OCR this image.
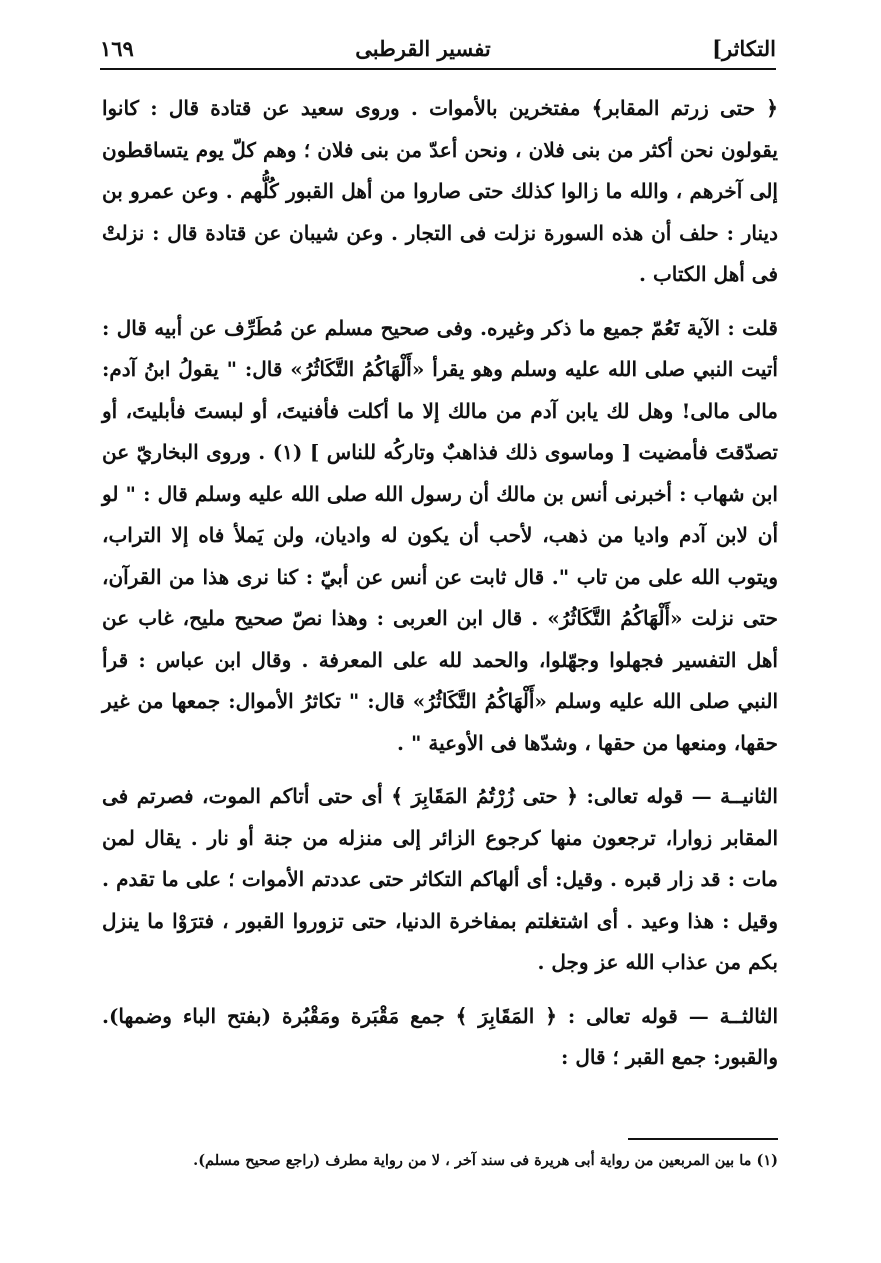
التكاثر]
تفسير القرطبى
١٦٩

﴿ حتى زرتم المقابر﴾ مفتخرين بالأموات . وروى سعيد عن قتادة قال : كانوا يقولون نحن أكثر من بنى فلان ، ونحن أعدّ من بنى فلان ؛ وهم كلّ يوم يتساقطون إلى آخرهم ، والله ما زالوا كذلك حتى صاروا من أهل القبور كُلُّهم . وعن عمرو بن دينار : حلف أن هذه السورة نزلت فى التجار . وعن شيبان عن قتادة قال : نزلتْ فى أهل الكتاب .

قلت : الآية تَعُمّ جميع ما ذكر وغيره. وفى صحيح مسلم عن مُطَرِّف عن أبيه قال : أتيت النبي صلى الله عليه وسلم وهو يقرأ «أَلْهَاكُمُ التَّكَاثُرُ» قال: " يقولُ ابنُ آدم: مالى مالى! وهل لك يابن آدم من مالك إلا ما أكلت فأفنيتَ، أو لبستَ فأبليتَ، أو تصدّقتَ فأمضيت [ وماسوى ذلك فذاهبٌ وتاركُه للناس ] (١) . وروى البخاريّ عن ابن شهاب : أخبرنى أنس بن مالك أن رسول الله صلى الله عليه وسلم قال : " لو أن لابن آدم واديا من ذهب، لأحب أن يكون له واديان، ولن يَملأ فاه إلا التراب، ويتوب الله على من تاب ". قال ثابت عن أنس عن أبيّ : كنا نرى هذا من القرآن، حتى نزلت «أَلْهَاكُمُ التَّكَاثُرُ» . قال ابن العربى : وهذا نصّ صحيح مليح، غاب عن أهل التفسير فجهلوا وجهّلوا، والحمد لله على المعرفة . وقال ابن عباس : قرأ النبي صلى الله عليه وسلم «أَلْهَاكُمُ التَّكَاثُرُ» قال: " تكاثرُ الأموال: جمعها من غير حقها، ومنعها من حقها ، وشدّها فى الأوعية " .

الثانيــة — قوله تعالى: ﴿ حتى زُرْتُمُ المَقَابِرَ ﴾ أى حتى أتاكم الموت، فصرتم فى المقابر زوارا، ترجعون منها كرجوع الزائر إلى منزله من جنة أو نار . يقال لمن مات : قد زار قبره . وقيل: أى ألهاكم التكاثر حتى عددتم الأموات ؛ على ما تقدم . وقيل : هذا وعيد . أى اشتغلتم بمفاخرة الدنيا، حتى تزوروا القبور ، فترَوْا ما ينزل بكم من عذاب الله عز وجل .

الثالثــة — قوله تعالى : ﴿ المَقَابِرَ ﴾ جمع مَقْبَرة ومَقْبُرة (بفتح الباء وضمها). والقبور: جمع القبر ؛ قال :

(١) ما بين المربعين من رواية أبى هريرة فى سند آخر ، لا من رواية مطرف (راجع صحيح مسلم).
